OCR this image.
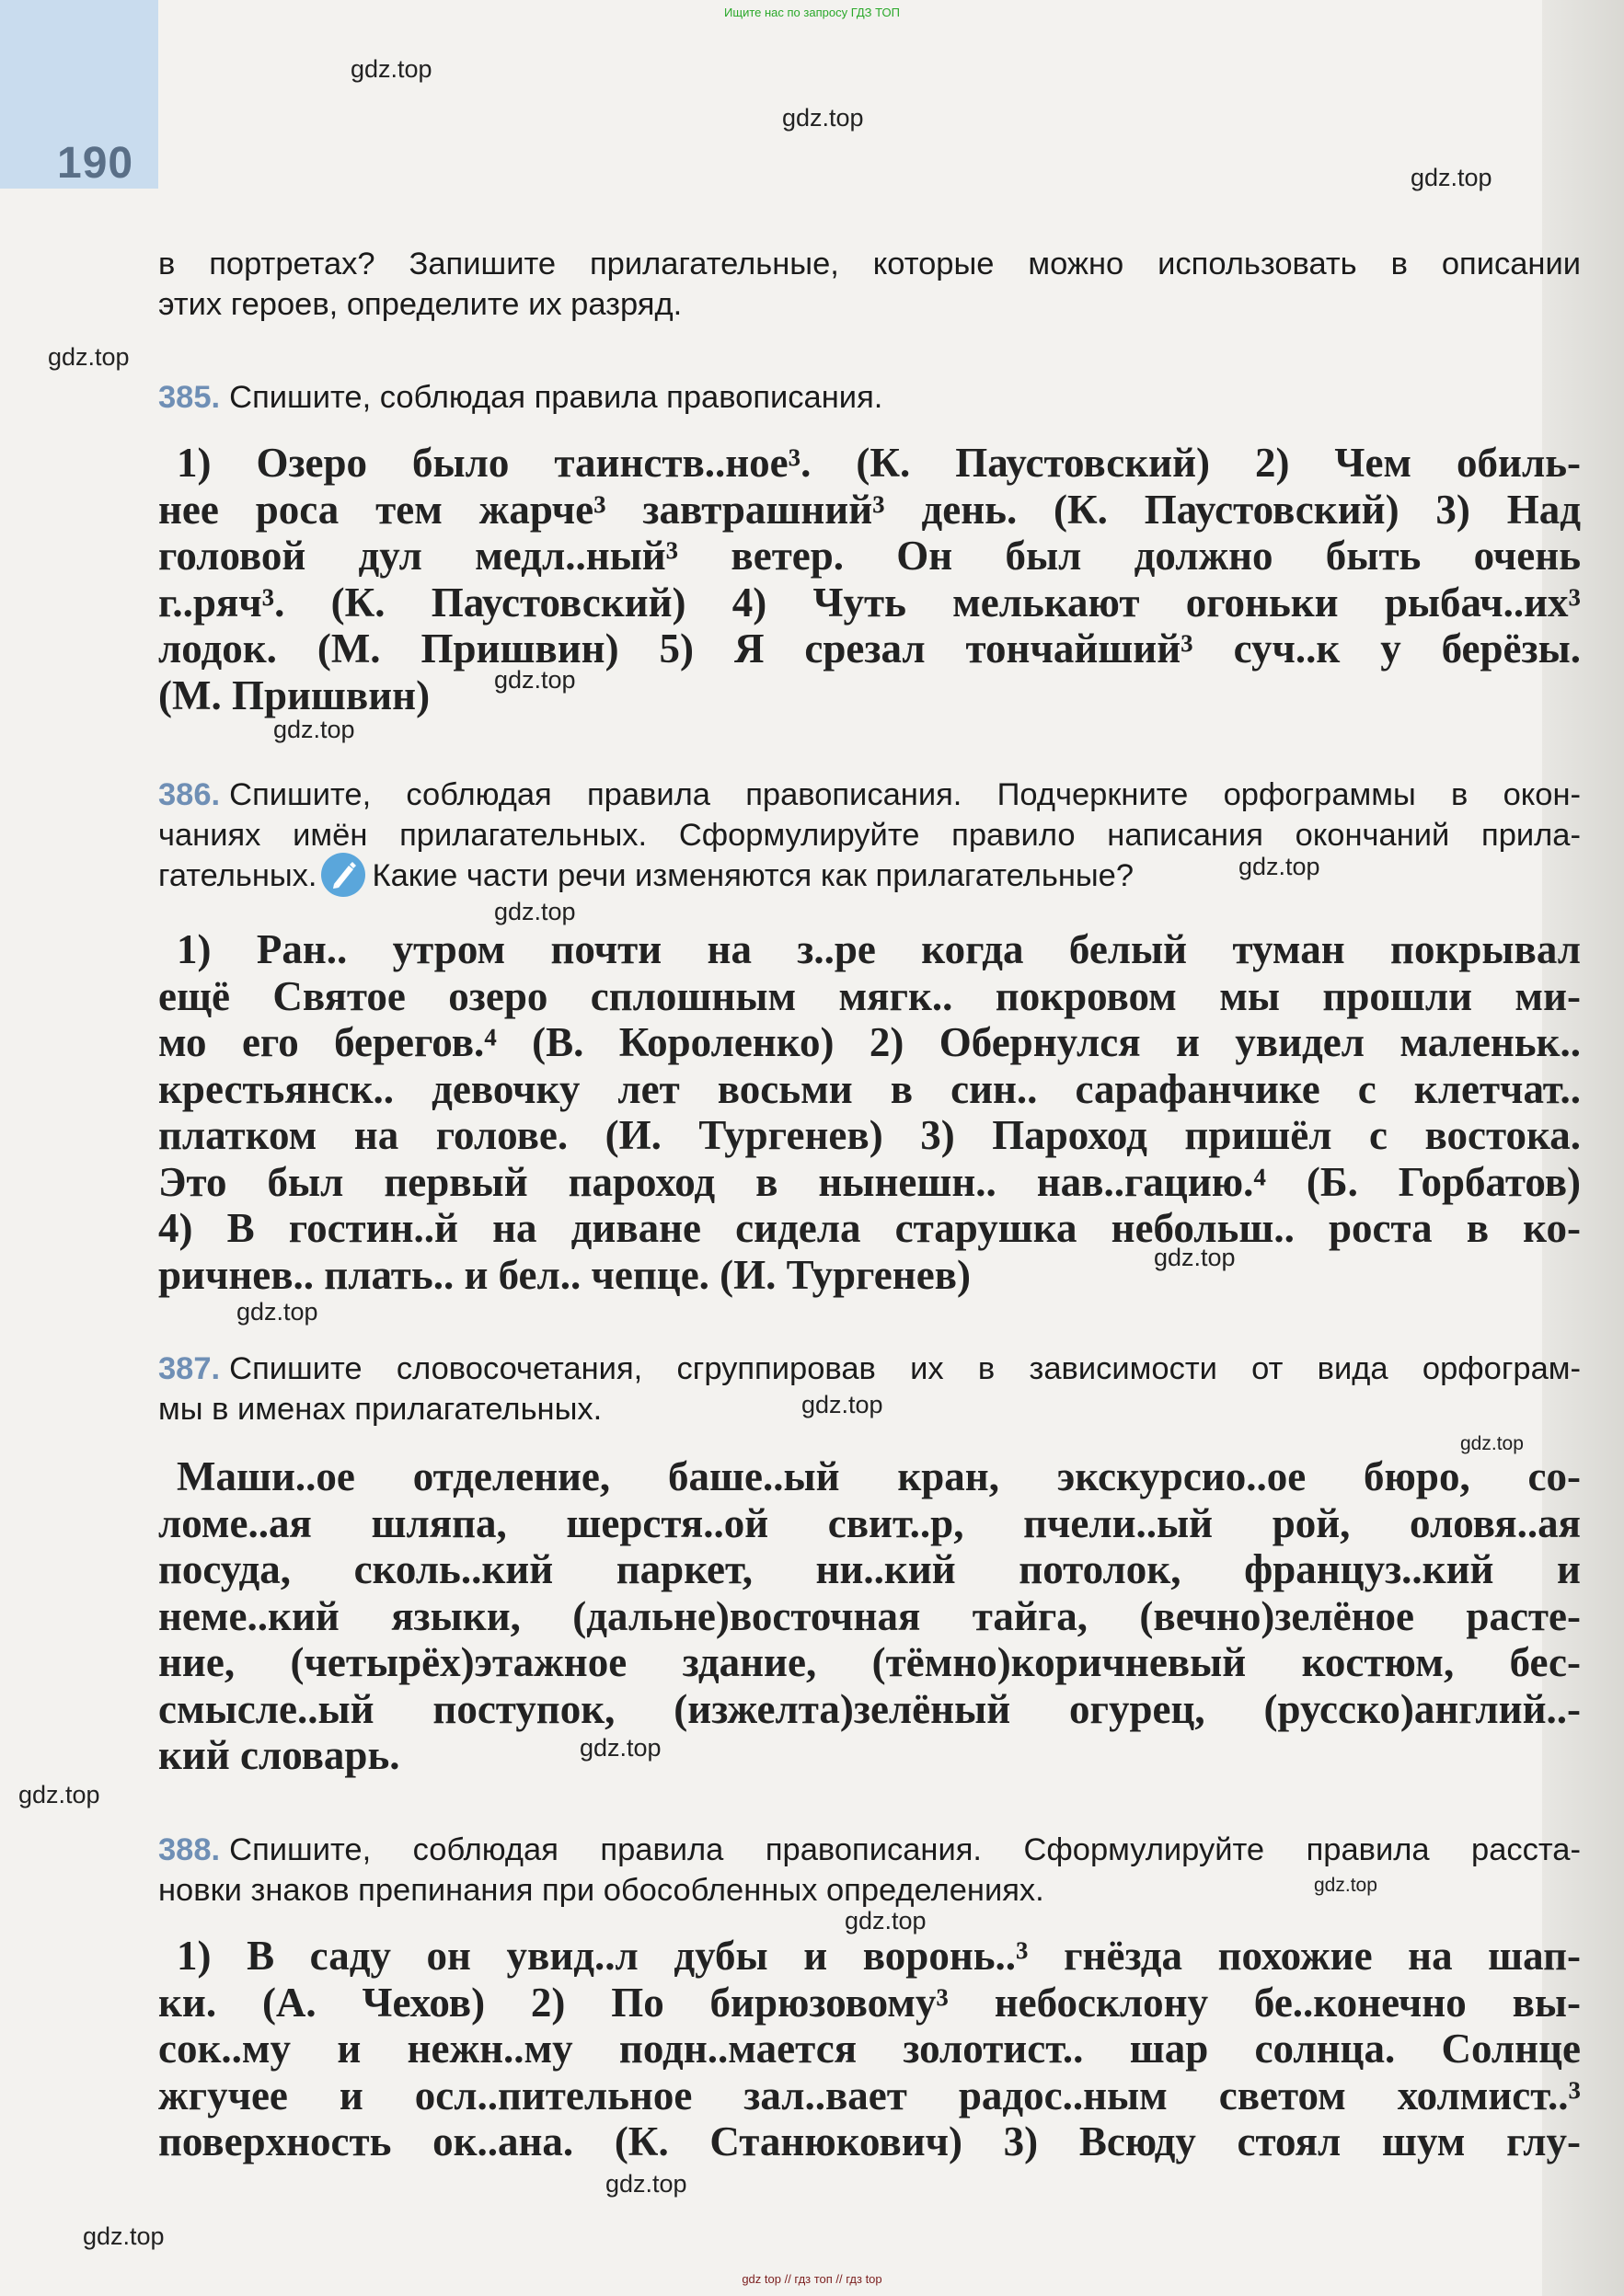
Ищите нас по запросу ГДЗ ТОП
190
gdz.top
gdz.top
gdz.top
gdz.top
gdz.top
gdz.top
gdz.top
gdz.top
gdz.top
gdz.top
gdz.top
gdz.top
gdz.top
gdz.top
gdz.top
gdz.top
gdz.top
gdz.top
в портретах? Запишите прилагательные, которые можно использовать в описании
этих героев, определите их разряд.
385. Спишите, соблюдая правила правописания.
1) Озеро было таинств..ное³. (К. Паустовский) 2) Чем обиль-
нее роса тем жарче³ завтрашний³ день. (К. Паустовский) 3) Над
головой дул медл..ный³ ветер. Он был должно быть очень
г..ряч³. (К. Паустовский) 4) Чуть мелькают огоньки рыбач..их³
лодок. (М. Пришвин) 5) Я срезал тончайший³ суч..к у берёзы.
(М. Пришвин)
386. Спишите, соблюдая правила правописания. Подчеркните орфограммы в окон-
чаниях имён прилагательных. Сформулируйте правило написания окончаний прила-
гательных. Какие части речи изменяются как прилагательные?
1) Ран.. утром почти на з..ре когда белый туман покрывал
ещё Святое озеро сплошным мягк.. покровом мы прошли ми-
мо его берегов.⁴ (В. Короленко) 2) Обернулся и увидел маленьк..
крестьянск.. девочку лет восьми в син.. сарафанчике с клетчат..
платком на голове. (И. Тургенев) 3) Пароход пришёл с востока.
Это был первый пароход в нынешн.. нав..гацию.⁴ (Б. Горбатов)
4) В гостин..й на диване сидела старушка небольш.. роста в ко-
ричнев.. плать.. и бел.. чепце. (И. Тургенев)
387. Спишите словосочетания, сгруппировав их в зависимости от вида орфограм-
мы в именах прилагательных.
Маши..ое отделение, баше..ый кран, экскурсио..ое бюро, со-
ломе..ая шляпа, шерстя..ой свит..р, пчели..ый рой, оловя..ая
посуда, сколь..кий паркет, ни..кий потолок, француз..кий и
неме..кий языки, (дальне)восточная тайга, (вечно)зелёное расте-
ние, (четырёх)этажное здание, (тёмно)коричневый костюм, бес-
смысле..ый поступок, (изжелта)зелёный огурец, (русско)англий..-
кий словарь.
388. Спишите, соблюдая правила правописания. Сформулируйте правила расста-
новки знаков препинания при обособленных определениях.
1) В саду он увид..л дубы и воронь..³ гнёзда похожие на шап-
ки. (А. Чехов) 2) По бирюзовому³ небосклону бе..конечно вы-
сок..му и нежн..му подн..мается золотист.. шар солнца. Солнце
жгучее и осл..пительное зал..вает радос..ным светом холмист..³
поверхность ок..ана. (К. Станюкович) 3) Всюду стоял шум глу-
gdz top // гдз топ // гдз top
